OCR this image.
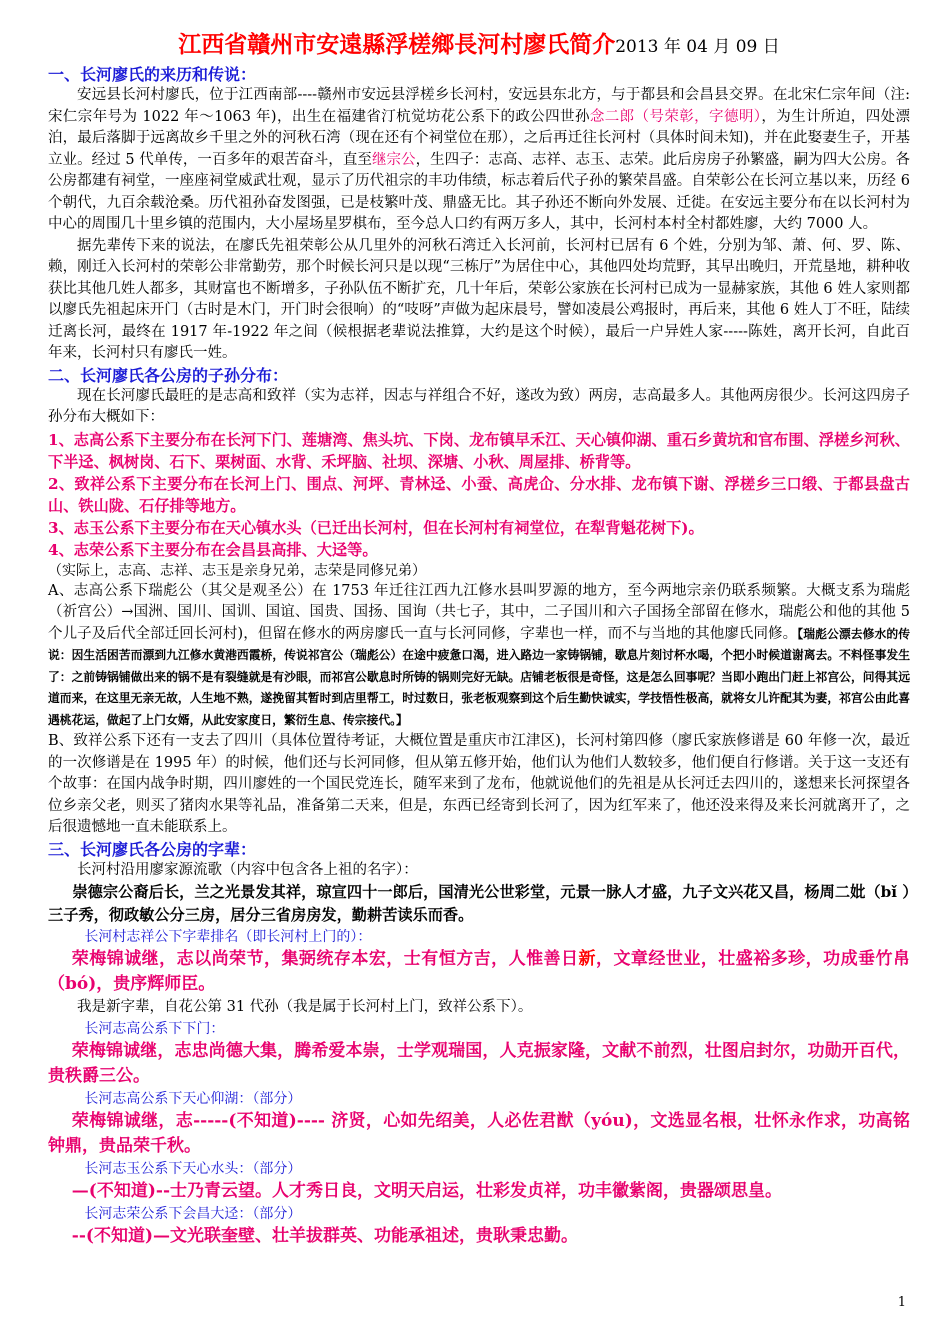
江西省贛州市安遠縣浮槎鄉長河村廖氏简介2013 年 04 月 09 日
一、长河廖氏的来历和传说：

安远县长河村廖氏，位于江西南部----赣州市安远县浮槎乡长河村，安远县东北方，与于都县和会昌县交界。在北宋仁宗年间（注:宋仁宗年号为 1022 年～1063 年)，出生在福建省汀杭觉坊花公系下的政公四世孙念二郎（号荣彰，字德明），为生计所迫，四处漂泊，最后落脚于远离故乡千里之外的河秋石湾（现在还有个祠堂位在那），之后再迁往长河村（具体时间未知)，并在此娶妻生子，开基立业。经过 5 代单传，一百多年的艰苦奋斗，直至继宗公，生四子：志高、志祥、志玉、志荣。此后房房子孙繁盛，嗣为四大公房。各公房都建有祠堂，一座座祠堂威武壮观，显示了历代祖宗的丰功伟绩，标志着后代子孙的繁荣昌盛。自荣彰公在长河立基以来，历经 6 个朝代，九百余载沧桑。历代祖孙奋发图强，已是枝繁叶茂、鼎盛无比。其子孙还不断向外发展、迁徙。在安远主要分布在以长河村为中心的周围几十里乡镇的范围内，大小屋场星罗棋布，至今总人口约有两万多人，其中，长河村本村全村都姓廖，大约 7000 人。

据先辈传下来的说法，在廖氏先祖荣彰公从几里外的河秋石湾迁入长河前，长河村已居有 6 个姓，分别为邹、萧、何、罗、陈、赖，刚迁入长河村的荣彰公非常勤劳，那个时候长河只是以现“三栋厅”为居住中心，其他四处均荒野，其早出晚归，开荒垦地，耕种收获比其他几姓人都多，其财富也不断增多，子孙队伍不断扩充，几十年后，荣彰公家族在长河村已成为一显赫家族，其他 6 姓人家则都以廖氏先祖起床开门（古时是木门，开门时会很响）的“吱呀”声做为起床晨号，譬如凌晨公鸡报时，再后来，其他 6 姓人丁不旺，陆续迁离长河，最终在 1917 年-1922 年之间（候根据老辈说法推算，大约是这个时候），最后一户异姓人家-----陈姓，离开长河，自此百年来，长河村只有廖氏一姓。

二、长河廖氏各公房的子孙分布：

现在长河廖氏最旺的是志高和致祥（实为志祥，因志与祥组合不好，遂改为致）两房，志高最多人。其他两房很少。长河这四房子孙分布大概如下：

1、志高公系下主要分布在长河下门、莲塘湾、焦头坑、下岗、龙布镇早禾江、天心镇仰湖、重石乡黄坑和官布围、浮槎乡河秋、下半迳、枫树岗、石下、栗树面、水背、禾坪脑、社坝、深塘、小秋、周屋排、桥背等。

2、致祥公系下主要分布在长河上门、围点、河坪、青林迳、小蚕、高虎仚、分水排、龙布镇下谢、浮槎乡三口缎、于都县盘古山、铁山陇、石仔排等地方。

3、志玉公系下主要分布在天心镇水头（已迁出长河村，但在长河村有祠堂位，在犁背魁花树下)。

4、志荣公系下主要分布在会昌县高排、大迳等。

（实际上，志高、志祥、志玉是亲身兄弟，志荣是同修兄弟）

A、志高公系下瑞彪公（其父是观圣公）在 1753 年迁往江西九江修水县叫罗源的地方，至今两地宗亲仍联系频繁。大概支系为瑞彪（祈宫公）→国洲、国川、国训、国谊、国贵、国扬、国询（共七子，其中，二子国川和六子国扬全部留在修水，瑞彪公和他的其他 5 个儿子及后代全部迁回长河村)，但留在修水的两房廖氏一直与长河同修，字辈也一样，而不与当地的其他廖氏同修。【瑞彪公漂去修水的传说：因生活困苦而漂到九江修水黄港西霞桥，传说祁宫公（瑞彪公）在途中疲惫口渴，进入路边一家铸锅铺，歇息片刻讨杯水喝，个把小时候道谢离去。不料怪事发生了：之前铸锅铺做出来的锅不是有裂缝就是有沙眼，而祁宫公歇息时所铸的锅则完好无缺。店铺老板很是奇怪，这是怎么回事呢？当即小跑出门赶上祁宫公，问得其远道而来，在这里无亲无故，人生地不熟，遂挽留其暂时到店里帮工，时过数日，张老板观察到这个后生勤快诚实，学技悟性极高，就将女儿许配其为妻，祁宫公由此喜遇桃花运，做起了上门女婿，从此安家度日，繁衍生息、传宗接代。】

B、致祥公系下还有一支去了四川（具体位置待考证，大概位置是重庆市江津区)，长河村第四修（廖氏家族修谱是 60 年修一次，最近的一次修谱是在 1995 年）的时候，他们还与长河同修，但从第五修开始，他们认为他们人数较多，他们便自行修谱。关于这一支还有个故事：在国内战争时期，四川廖姓的一个国民党连长，随军来到了龙布，他就说他们的先祖是从长河迁去四川的，遂想来长河探望各位乡亲父老，则买了猪肉水果等礼品，准备第二天来，但是，东西已经寄到长河了，因为红军来了，他还没来得及来长河就离开了，之后很遗憾地一直未能联系上。

三、长河廖氏各公房的字辈：

长河村沿用廖家源流歌（内容中包含各上祖的名字）：

崇德宗公裔后长，兰之光景发其祥，琼宣四十一郎后，国清光公世彩堂，元景一脉人才盛，九子文兴花又昌，杨周二妣（bǐ ）三子秀，彻政敏公分三房，居分三省房房发，勤耕苦读乐而香。

长河村志祥公下字辈排名（即长河村上门的）：

荣梅锦诚继，志以尚荣节，集弼统存本宏，士有恒方吉，人惟善日新，文章经世业，壮盛裕多珍，功成垂竹帛（bó)，贵序辉师臣。

我是新字辈，自花公第 31 代孙（我是属于长河村上门，致祥公系下）。

长河志高公系下下门：

荣梅锦诚继，志忠尚德大集，腾希爱本崇，士学观瑞国，人克振家隆，文献不前烈，壮图启封尔，功勋开百代，贵秩爵三公。

长河志高公系下天心仰湖：（部分）

荣梅锦诚继，志-----(不知道)---- 济贤，心如先绍美，人必佐君猷（yóu)，文选显名根，壮怀永作求，功高铭钟鼎，贵品荣千秋。

长河志玉公系下天心水头：（部分）

—(不知道)--士乃青云望。人才秀日良，文明天启运，壮彩发贞祥，功丰徽紫阁，贵器颂思皇。

长河志荣公系下会昌大迳：（部分）

--(不知道)—文光联奎壁、壮羊拔群英、功能承祖述，贵耿秉忠勤。

1
